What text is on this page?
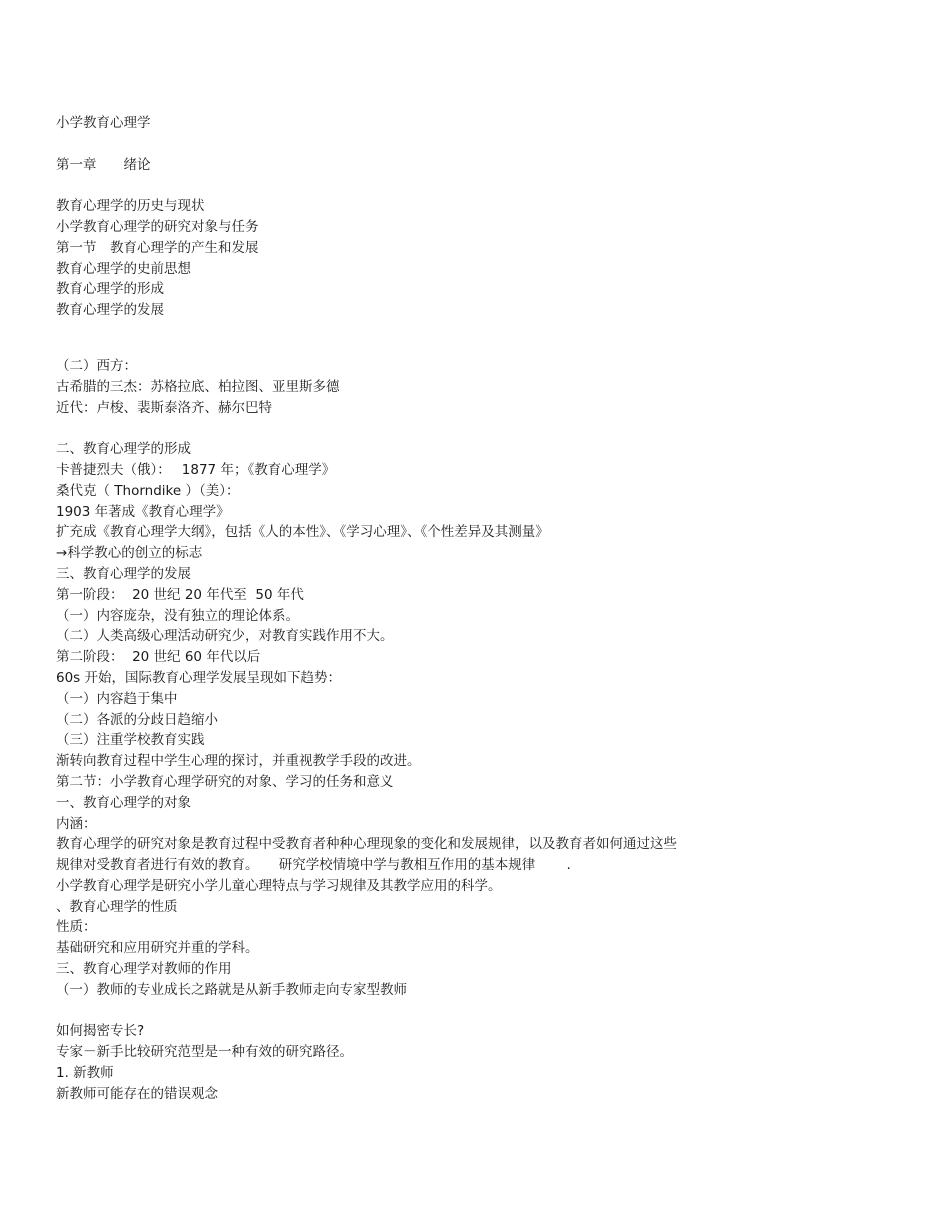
小学教育心理学
第一章　　绪论
教育心理学的历史与现状
小学教育心理学的研究对象与任务
第一节　教育心理学的产生和发展
教育心理学的史前思想
教育心理学的形成
教育心理学的发展
（二）西方：
古希腊的三杰：苏格拉底、柏拉图、亚里斯多德
近代：卢梭、裴斯泰洛齐、赫尔巴特
二、教育心理学的形成
卡普捷烈夫（俄）：　 1877 年；《教育心理学》
桑代克（ Thorndike ）（美）：
1903 年著成《教育心理学》
扩充成《教育心理学大纲》，包括《人的本性》、《学习心理》、《个性差异及其测量》
→科学教心的创立的标志
三、教育心理学的发展
第一阶段：  20 世纪 20 年代至  50 年代
（一）内容庞杂，没有独立的理论体系。
（二）人类高级心理活动研究少，对教育实践作用不大。
第二阶段：  20 世纪 60 年代以后
60s 开始，国际教育心理学发展呈现如下趋势：
（一）内容趋于集中
（二）各派的分歧日趋缩小
（三）注重学校教育实践
渐转向教育过程中学生心理的探讨，并重视教学手段的改进。
第二节：小学教育心理学研究的对象、学习的任务和意义
一、教育心理学的对象
内涵：
教育心理学的研究对象是教育过程中受教育者种种心理现象的变化和发展规律，以及教育者如何通过这些
规律对受教育者进行有效的教育。　　研究学校情境中学与教相互作用的基本规律　　 .
小学教育心理学是研究小学儿童心理特点与学习规律及其教学应用的科学。
、教育心理学的性质
性质：
基础研究和应用研究并重的学科。
三、教育心理学对教师的作用
（一）教师的专业成长之路就是从新手教师走向专家型教师
如何揭密专长?
专家－新手比较研究范型是一种有效的研究路径。
1. 新教师
新教师可能存在的错误观念
